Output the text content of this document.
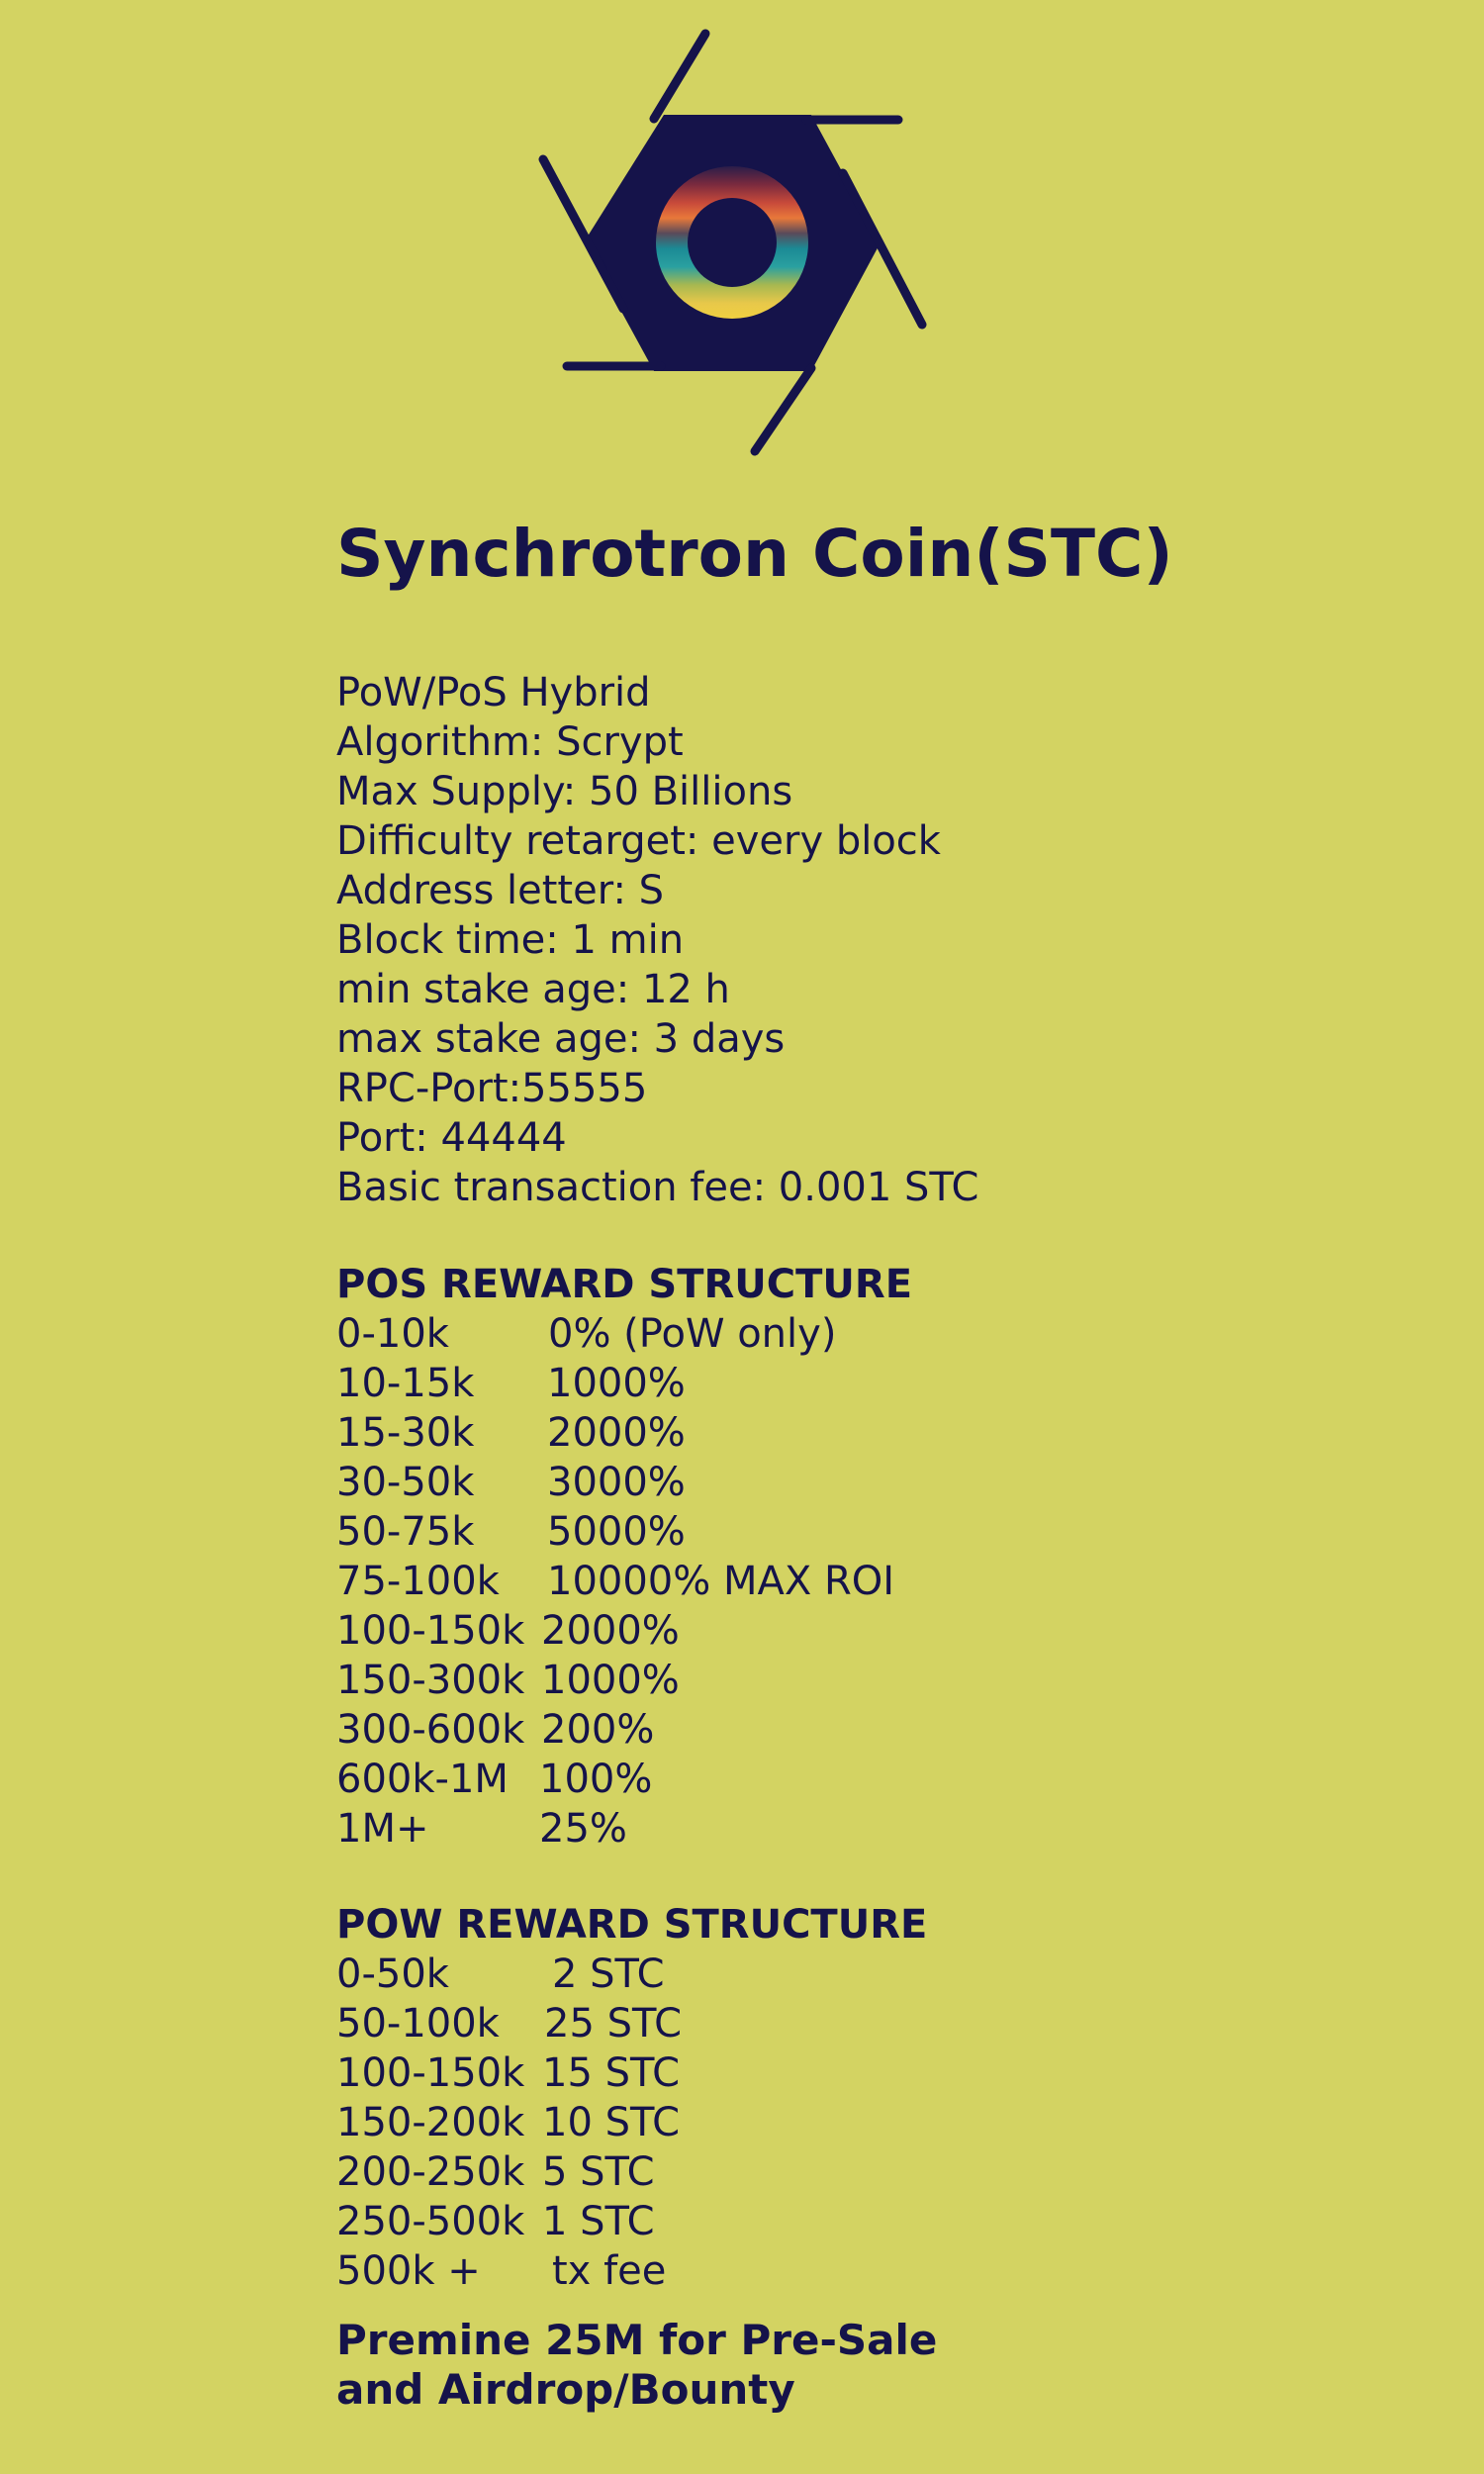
Synchrotron Coin(STC)
PoW/PoS Hybrid
Algorithm: Scrypt
Max Supply: 50 Billions
Difficulty retarget: every block
Address letter: S
Block time: 1 min
min stake age: 12 h
max stake age: 3 days
RPC-Port:55555
Port: 44444
Basic transaction fee: 0.001 STC
POS REWARD STRUCTURE
0-10k	0% (PoW only)
10-15k	1000%
15-30k	2000%
30-50k	3000%
50-75k	5000%
75-100k	10000% MAX ROI
100-150k 2000%
150-300k 1000%
300-600k 200%
600k-1M 100%
1M+	25%
POW REWARD STRUCTURE
0-50k	2 STC
50-100k	25 STC
100-150k 15 STC
150-200k 10 STC
200-250k 5 STC
250-500k 1 STC
500k +	tx fee
Premine 25M for Pre-Sale
and Airdrop/Bounty
